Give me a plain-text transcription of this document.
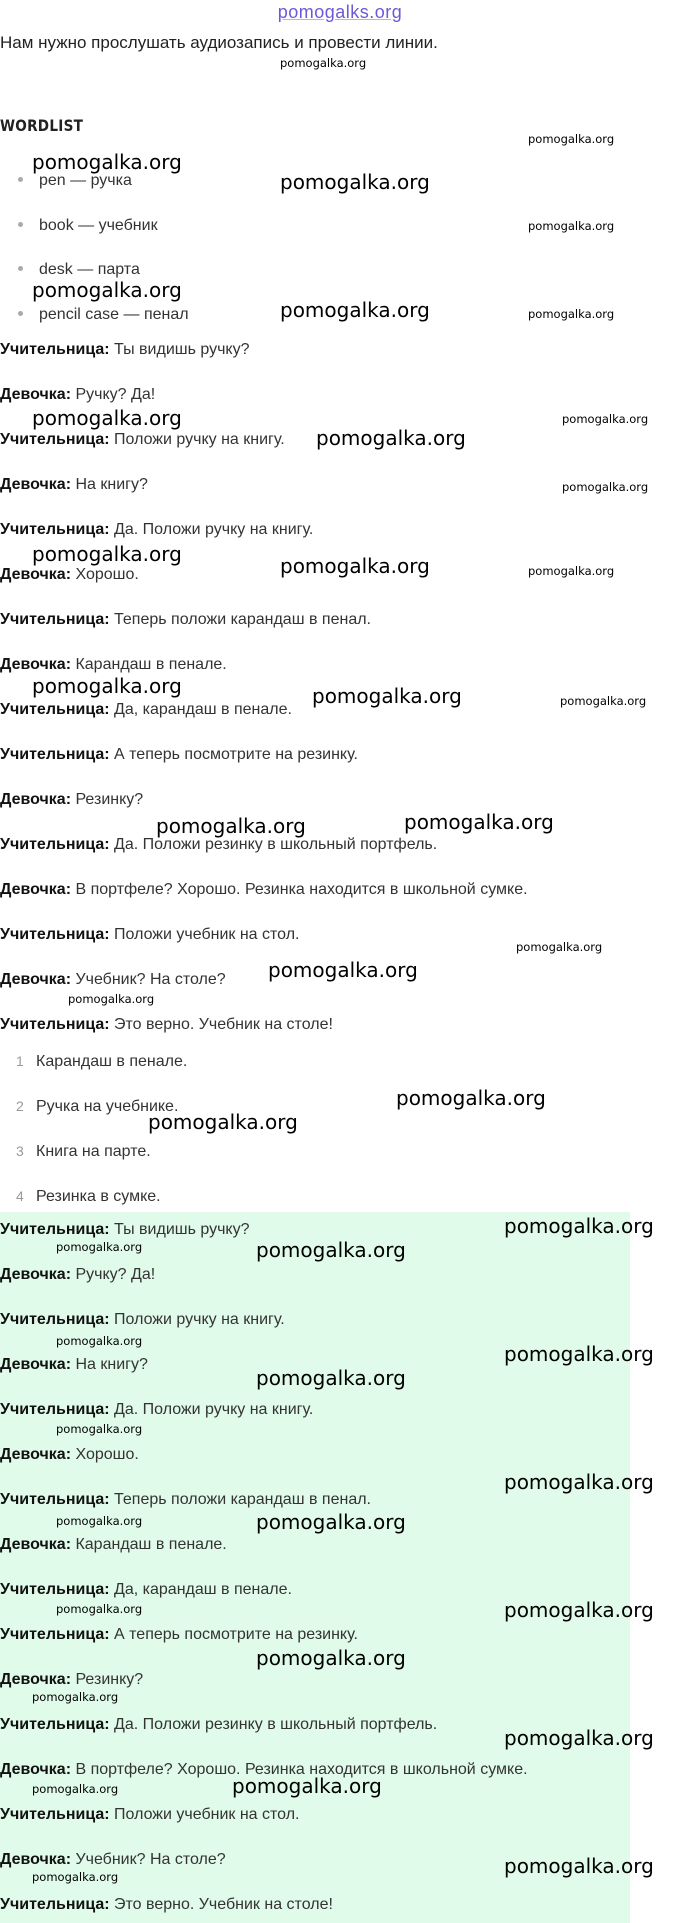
pomogalks.org
Нам нужно прослушать аудиозапись и провести линии.
WORDLIST
pen — ручка
book — учебник
desk — парта
pencil case — пенал
Учительница: Ты видишь ручку?
Девочка: Ручку? Да!
Учительница: Положи ручку на книгу.
Девочка: На книгу?
Учительница: Да. Положи ручку на книгу.
Девочка: Хорошо.
Учительница: Теперь положи карандаш в пенал.
Девочка: Карандаш в пенале.
Учительница: Да, карандаш в пенале.
Учительница: А теперь посмотрите на резинку.
Девочка: Резинку?
Учительница: Да. Положи резинку в школьный портфель.
Девочка: В портфеле? Хорошо. Резинка находится в школьной сумке.
Учительница: Положи учебник на стол.
Девочка: Учебник? На столе?
Учительница: Это верно. Учебник на столе!
1 Карандаш в пенале.
2 Ручка на учебнике.
3 Книга на парте.
4 Резинка в сумке.
Учительница: Ты видишь ручку?
Девочка: Ручку? Да!
Учительница: Положи ручку на книгу.
Девочка: На книгу?
Учительница: Да. Положи ручку на книгу.
Девочка: Хорошо.
Учительница: Теперь положи карандаш в пенал.
Девочка: Карандаш в пенале.
Учительница: Да, карандаш в пенале.
Учительница: А теперь посмотрите на резинку.
Девочка: Резинку?
Учительница: Да. Положи резинку в школьный портфель.
Девочка: В портфеле? Хорошо. Резинка находится в школьной сумке.
Учительница: Положи учебник на стол.
Девочка: Учебник? На столе?
Учительница: Это верно. Учебник на столе!
pomogalka.org
pomogalka.org
pomogalka.org
pomogalka.org
pomogalka.org
pomogalka.org
pomogalka.org	pomogalka.org
pomogalka.org	pomogalka.org
pomogalka.org
pomogalka.org
pomogalka.org	pomogalka.org	pomogalka.org
pomogalka.org	pomogalka.org	pomogalka.org
pomogalka.org	pomogalka.org
pomogalka.org
pomogalka.org
pomogalka.org
pomogalka.org
pomogalka.org
pomogalka.org
pomogalka.org	pomogalka.org
pomogalka.org
pomogalka.org
pomogalka.org
pomogalka.org
pomogalka.org
pomogalka.org	pomogalka.org
pomogalka.org	pomogalka.org
pomogalka.org
pomogalka.org
pomogalka.org
pomogalka.org	pomogalka.org
pomogalka.org	pomogalka.org
